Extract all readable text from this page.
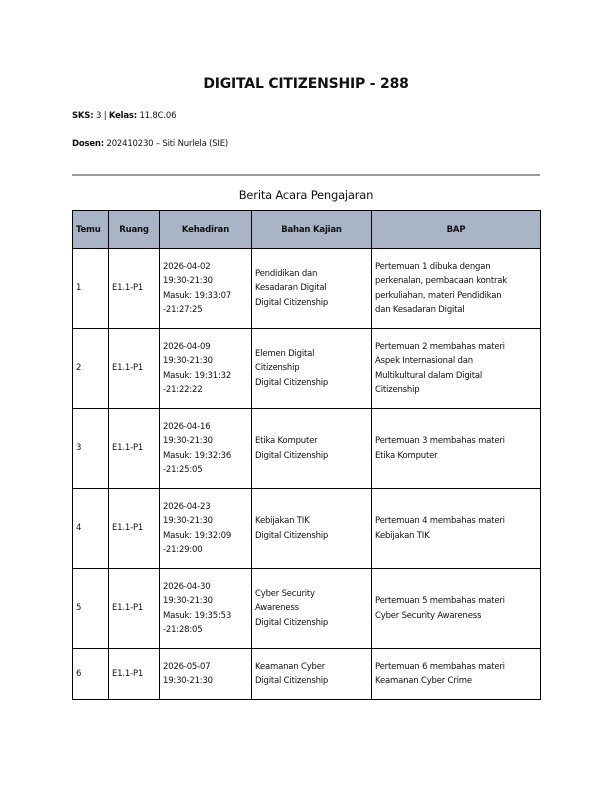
DIGITAL CITIZENSHIP - 288
SKS: 3 | Kelas: 11.8C.06
Dosen: 202410230 – Siti Nurlela (SIE)
Berita Acara Pengajaran
Temu	Ruang	Kehadiran	Bahan Kajian	BAP
1	E1.1-P1	2026-04-02
19:30-21:30
Masuk: 19:33:07
-21:27:25	Pendidikan dan
Kesadaran Digital
Digital Citizenship	Pertemuan 1 dibuka dengan
perkenalan, pembacaan kontrak
perkuliahan, materi Pendidikan
dan Kesadaran Digital

2	E1.1-P1	2026-04-09
19:30-21:30
Masuk: 19:31:32
-21:22:22	Elemen Digital
Citizenship
Digital Citizenship	Pertemuan 2 membahas materi
Aspek Internasional dan
Multikultural dalam Digital
Citizenship

3	E1.1-P1	2026-04-16
19:30-21:30
Masuk: 19:32:36
-21:25:05	Etika Komputer
Digital Citizenship	Pertemuan 3 membahas materi
Etika Komputer

4	E1.1-P1	2026-04-23
19:30-21:30
Masuk: 19:32:09
-21:29:00	Kebijakan TIK
Digital Citizenship	Pertemuan 4 membahas materi
Kebijakan TIK

5	E1.1-P1	2026-04-30
19:30-21:30
Masuk: 19:35:53
-21:28:05	Cyber Security
Awareness
Digital Citizenship	Pertemuan 5 membahas materi
Cyber Security Awareness

6	E1.1-P1	2026-05-07
19:30-21:30	Keamanan Cyber
Digital Citizenship	Pertemuan 6 membahas materi
Keamanan Cyber Crime
